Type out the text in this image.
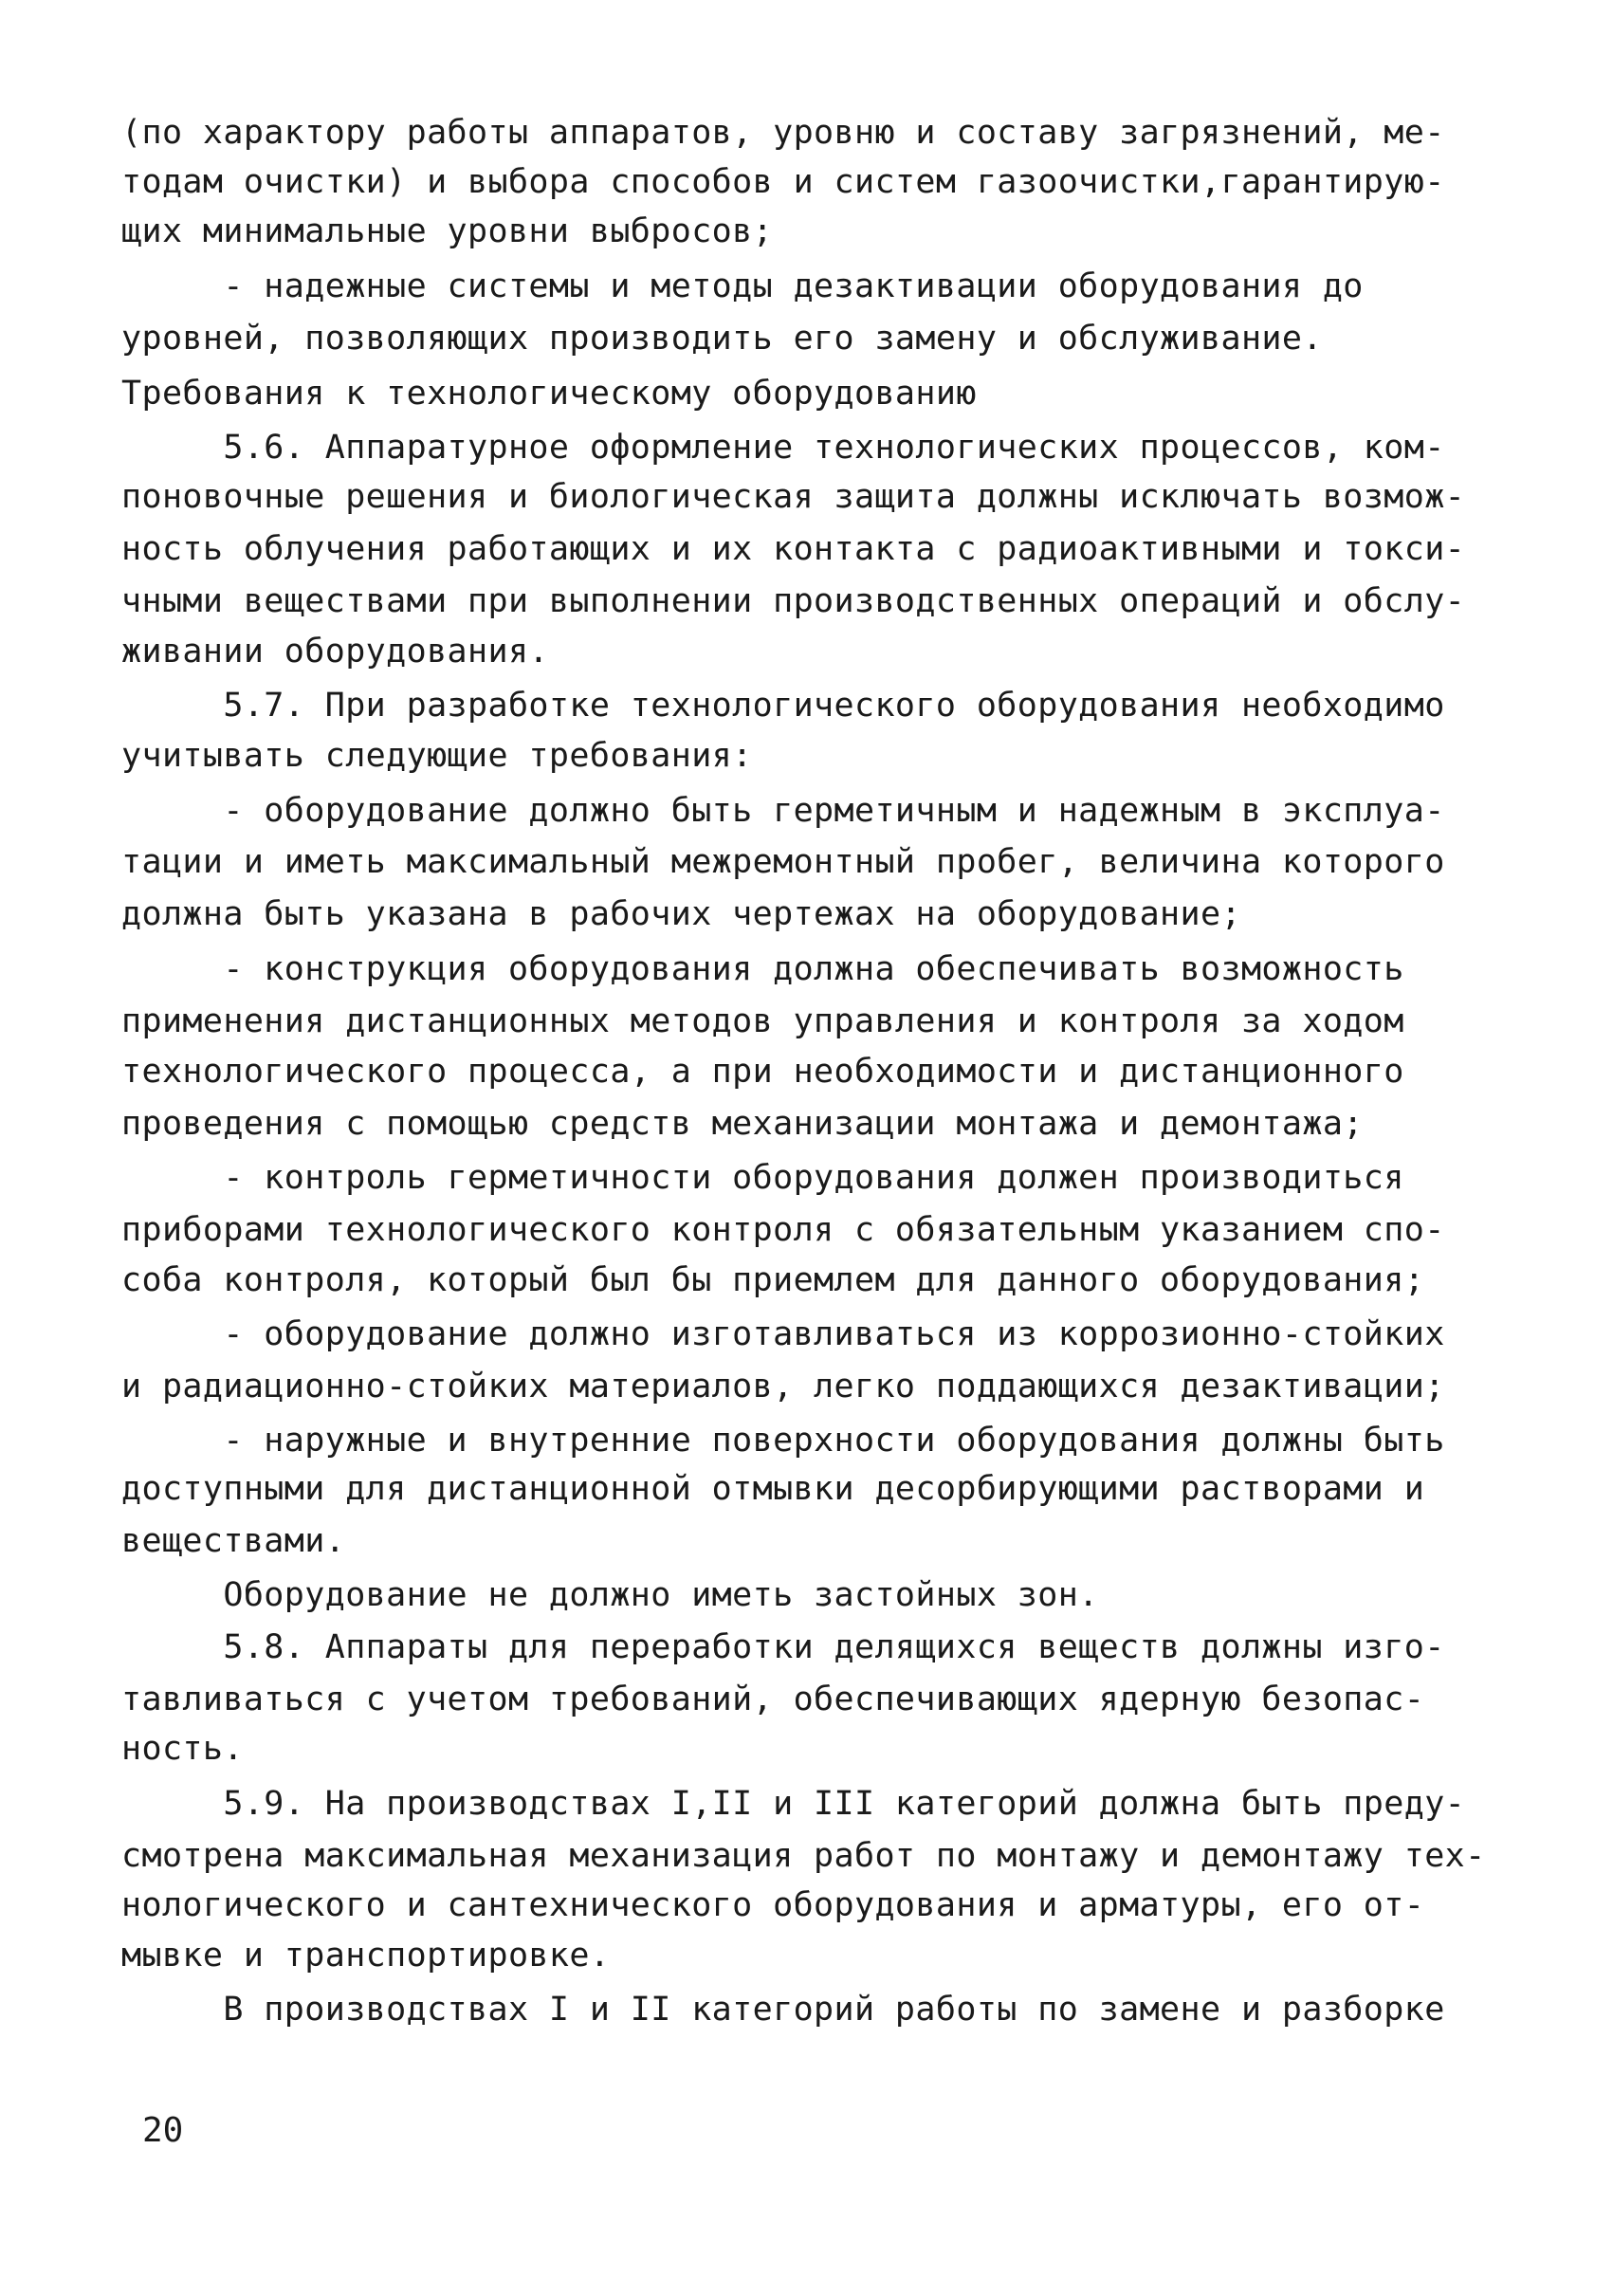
(по характору работы аппаратов, уровню и составу загрязнений, ме-
тодам очистки) и выбора способов и систем газоочистки,гарантирую-
щих минимальные уровни выбросов;
- надежные системы и методы дезактивации оборудования до
уровней, позволяющих производить его замену и обслуживание.
Требования к технологическому оборудованию
5.6. Аппаратурное оформление технологических процессов, ком-
поновочные решения и биологическая защита должны исключать возмож-
ность облучения работающих и их контакта с радиоактивными и токси-
чными веществами при выполнении производственных операций и обслу-
живании оборудования.
5.7. При разработке технологического оборудования необходимо
учитывать следующие требования:
- оборудование должно быть герметичным и надежным в эксплуа-
тации и иметь максимальный межремонтный пробег, величина которого
должна быть указана в рабочих чертежах на оборудование;
- конструкция оборудования должна обеспечивать возможность
применения дистанционных методов управления и контроля за ходом
технологического процесса, а при необходимости и дистанционного
проведения с помощью средств механизации монтажа и демонтажа;
- контроль герметичности оборудования должен производиться
приборами технологического контроля с обязательным указанием спо-
соба контроля, который был бы приемлем для данного оборудования;
- оборудование должно изготавливаться из коррозионно-стойких
и радиационно-стойких материалов, легко поддающихся дезактивации;
- наружные и внутренние поверхности оборудования должны быть
доступными для дистанционной отмывки десорбирующими растворами и
веществами.
Оборудование не должно иметь застойных зон.
5.8. Аппараты для переработки делящихся веществ должны изго-
тавливаться с учетом требований, обеспечивающих ядерную безопас-
ность.
5.9. На производствах I,II и III категорий должна быть преду-
смотрена максимальная механизация работ по монтажу и демонтажу тех-
нологического и сантехнического оборудования и арматуры, его от-
мывке и транспортировке.
В производствах I и II категорий работы по замене и разборке
20
